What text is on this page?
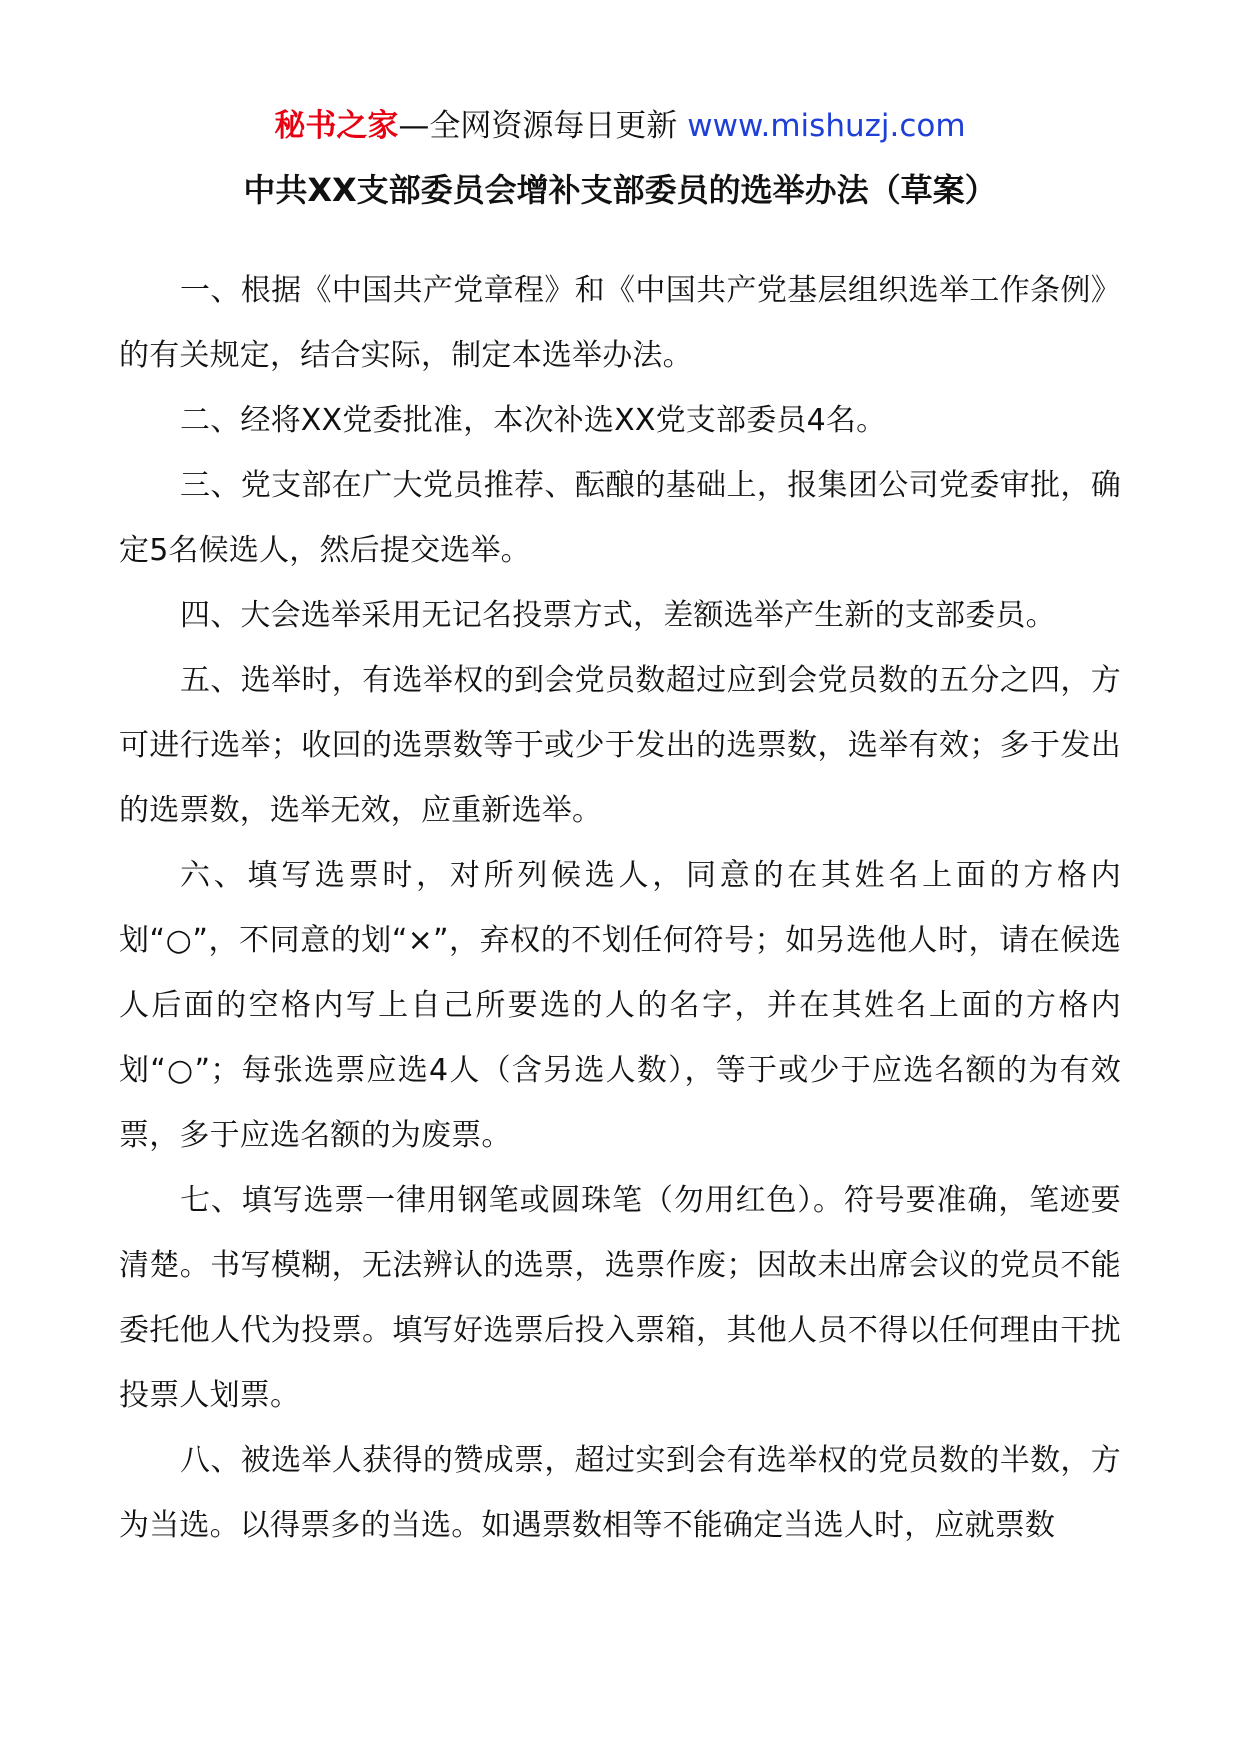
秘书之家—全网资源每日更新 www.mishuzj.com
中共XX支部委员会增补支部委员的选举办法（草案）

一、根据《中国共产党章程》和《中国共产党基层组织选举工作条例》的有关规定，结合实际，制定本选举办法。

二、经将XX党委批准，本次补选XX党支部委员4名。

三、党支部在广大党员推荐、酝酿的基础上，报集团公司党委审批，确定5名候选人，然后提交选举。

四、大会选举采用无记名投票方式，差额选举产生新的支部委员。

五、选举时，有选举权的到会党员数超过应到会党员数的五分之四，方可进行选举；收回的选票数等于或少于发出的选票数，选举有效；多于发出的选票数，选举无效，应重新选举。

六、填写选票时，对所列候选人，同意的在其姓名上面的方格内划“○”，不同意的划“×”，弃权的不划任何符号；如另选他人时，请在候选人后面的空格内写上自己所要选的人的名字，并在其姓名上面的方格内划“○”；每张选票应选4人（含另选人数），等于或少于应选名额的为有效票，多于应选名额的为废票。

七、填写选票一律用钢笔或圆珠笔（勿用红色）。符号要准确，笔迹要清楚。书写模糊，无法辨认的选票，选票作废；因故未出席会议的党员不能委托他人代为投票。填写好选票后投入票箱，其他人员不得以任何理由干扰投票人划票。

八、被选举人获得的赞成票，超过实到会有选举权的党员数的半数，方为当选。以得票多的当选。如遇票数相等不能确定当选人时，应就票数
